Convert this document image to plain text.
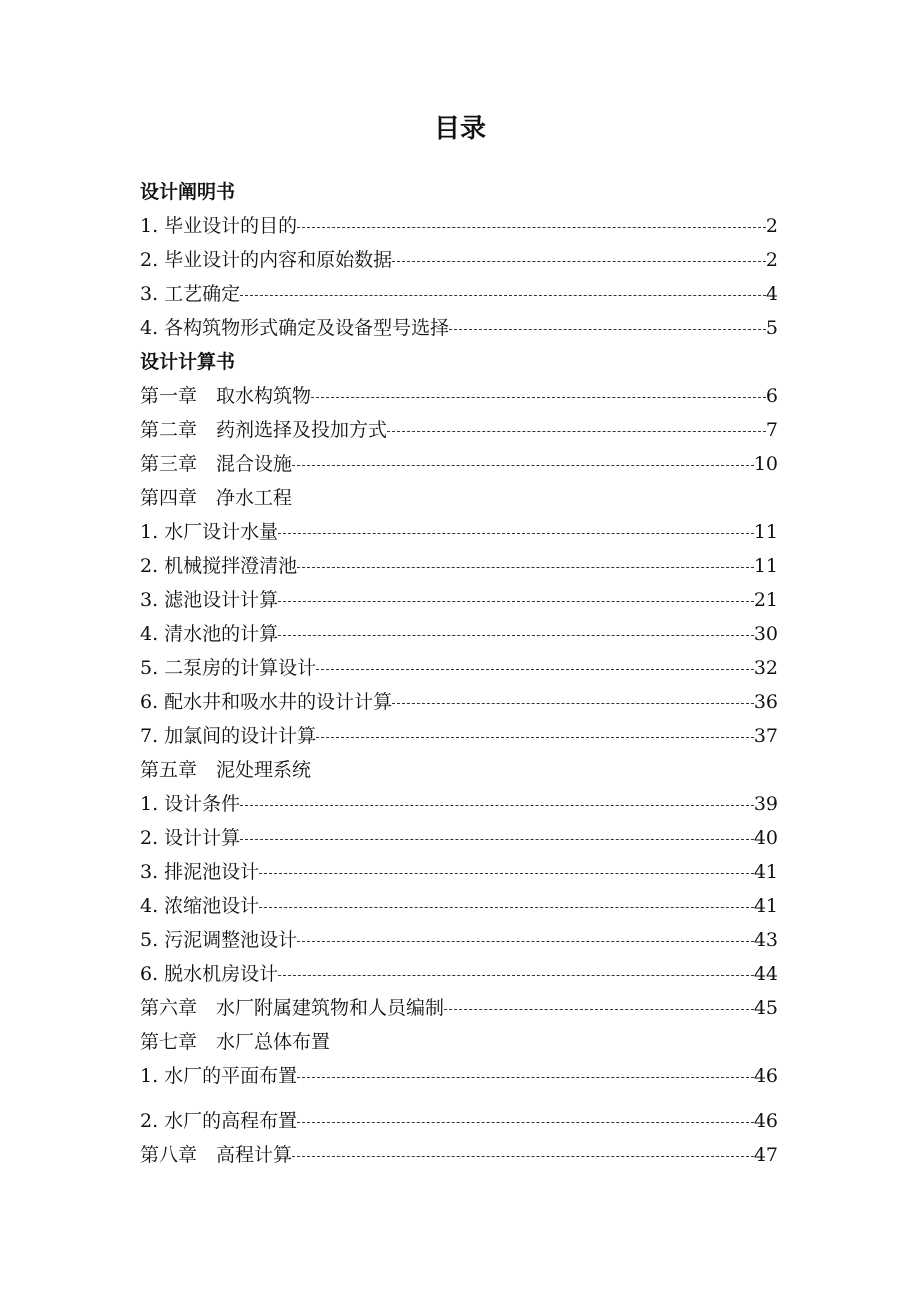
目录
设计阐明书
1. 毕业设计的目的	2
2. 毕业设计的内容和原始数据	2
3. 工艺确定	4
4. 各构筑物形式确定及设备型号选择	5
设计计算书
第一章　取水构筑物	6
第二章　药剂选择及投加方式	7
第三章　混合设施	10
第四章　净水工程
1. 水厂设计水量	11
2. 机械搅拌澄清池	11
3. 滤池设计计算	21
4. 清水池的计算	30
5. 二泵房的计算设计	32
6. 配水井和吸水井的设计计算	36
7. 加氯间的设计计算	37
第五章　泥处理系统
1. 设计条件	39
2. 设计计算	40
3. 排泥池设计	41
4. 浓缩池设计	41
5. 污泥调整池设计	43
6. 脱水机房设计	44
第六章　水厂附属建筑物和人员编制	45
第七章　水厂总体布置
1. 水厂的平面布置	46
2. 水厂的高程布置	46
第八章　高程计算	47
